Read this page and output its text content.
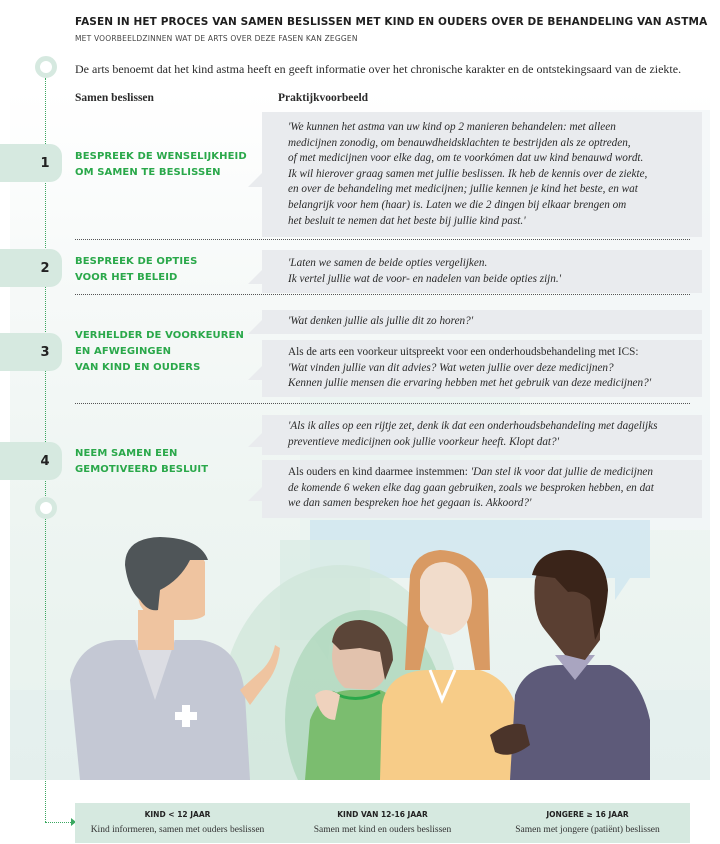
FASEN IN HET PROCES VAN SAMEN BESLISSEN MET KIND EN OUDERS OVER DE BEHANDELING VAN ASTMA
MET VOORBEELDZINNEN WAT DE ARTS OVER DEZE FASEN KAN ZEGGEN
De arts benoemt dat het kind astma heeft en geeft informatie over het chronische karakter en de ontstekingsaard van de ziekte.
Samen beslissen	Praktijkvoorbeeld
1	BESPREEK DE WENSELIJKHEID
OM SAMEN TE BESLISSEN
'We kunnen het astma van uw kind op 2 manieren behandelen: met alleen
medicijnen zonodig, om benauwdheidsklachten te bestrijden als ze optreden,
of met medicijnen voor elke dag, om te voorkómen dat uw kind benauwd wordt.
Ik wil hierover graag samen met jullie beslissen. Ik heb de kennis over de ziekte,
en over de behandeling met medicijnen; jullie kennen je kind het beste, en wat
belangrijk voor hem (haar) is. Laten we die 2 dingen bij elkaar brengen om
het besluit te nemen dat het beste bij jullie kind past.'
2	BESPREEK DE OPTIES
VOOR HET BELEID
'Laten we samen de beide opties vergelijken.
Ik vertel jullie wat de voor- en nadelen van beide opties zijn.'
3
VERHELDER DE VOORKEUREN
EN AFWEGINGEN
VAN KIND EN OUDERS
'Wat denken jullie als jullie dit zo horen?'
Als de arts een voorkeur uitspreekt voor een onderhoudsbehandeling met ICS:
'Wat vinden jullie van dit advies? Wat weten jullie over deze medicijnen?
Kennen jullie mensen die ervaring hebben met het gebruik van deze medicijnen?'
4	NEEM SAMEN EEN
GEMOTIVEERD BESLUIT
'Als ik alles op een rijtje zet, denk ik dat een onderhoudsbehandeling met dagelijks
preventieve medicijnen ook jullie voorkeur heeft. Klopt dat?'
Als ouders en kind daarmee instemmen: 'Dan stel ik voor dat jullie de medicijnen
de komende 6 weken elke dag gaan gebruiken, zoals we besproken hebben, en dat
we dan samen bespreken hoe het gegaan is. Akkoord?'
KIND < 12 JAAR
Kind informeren, samen met ouders beslissen
KIND VAN 12-16 JAAR
Samen met kind en ouders beslissen
JONGERE ≥ 16 JAAR
Samen met jongere (patiënt) beslissen
